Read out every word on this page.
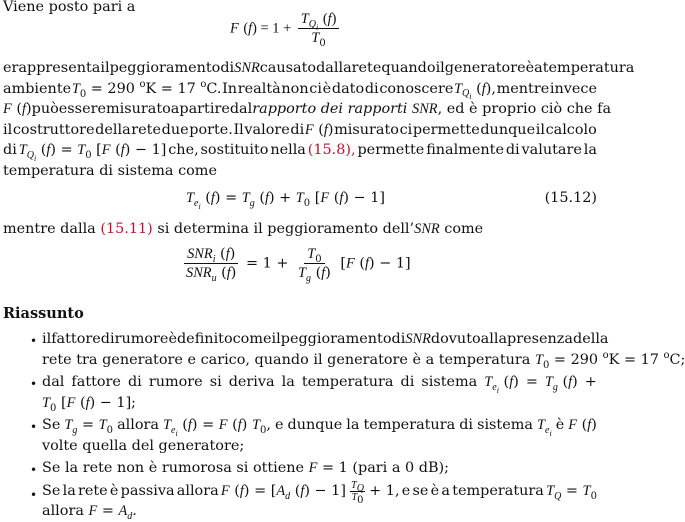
Viene posto pari a
F $(f) = 1 + \frac{T_{Q_i} (f)}{T_0}$
e rappresenta il peggioramento di SNR causato dalla rete quando il generatore è a temperatura
ambiente $T_0 = 290$ $^o$K = 17 $^o$C. In realtà non ci è dato di conoscere $T_{Q_i}$ (f), mentre invece
F (f) può essere misurato a partire dal rapporto dei rapporti SNR , ed è proprio ciò che fa
il costruttore della rete due porte. Il valore di F (f) misurato ci permette dunque il calcolo
di $T_{Q_i}$ $(f) = T_0$ [F (f) − 1] che, sostituito nella (15.8), permette finalmente di valutare la
temperatura di sistema come
$T_{e_i}$ $(f) = T_g$ $(f) + T_0$ [F (f) − 1]	(15.12)
mentre dalla (15.11) si determina il peggioramento dell’SNR come
$\frac{SNR_i (f)}{SNR_u (f)} = 1 + \frac{T_0}{T_g (f)} [F$ (f) − 1]
Riassunto
• il fattore di rumore è definito come il peggioramento di SNR dovuto alla presenza della
rete tra generatore e carico, quando il generatore è a temperatura $T_0 = 290$ $^o$K = 17 $^o$C;
• dal fattore di rumore si deriva la temperatura di sistema $T_{e_i}$ $(f) = T_g$ (f) +
$T_0$ [F (f) − 1];
• Se $T_g = T_0$ allora $T_{e_i}$ (f) = F (f) $T_0$, e dunque la temperatura di sistema $T_{e_i}$
è F (f)
volte quella del generatore;
• Se la rete non è rumorosa si ottiene F = 1 (pari a 0 dB);
• Se la rete è passiva allora F $(f) = [A_d$ $(f) - 1] \frac{T_Q}{T_0} + 1$, e se è a temperatura $T_Q = T_0$
allora $F = A_d$.
